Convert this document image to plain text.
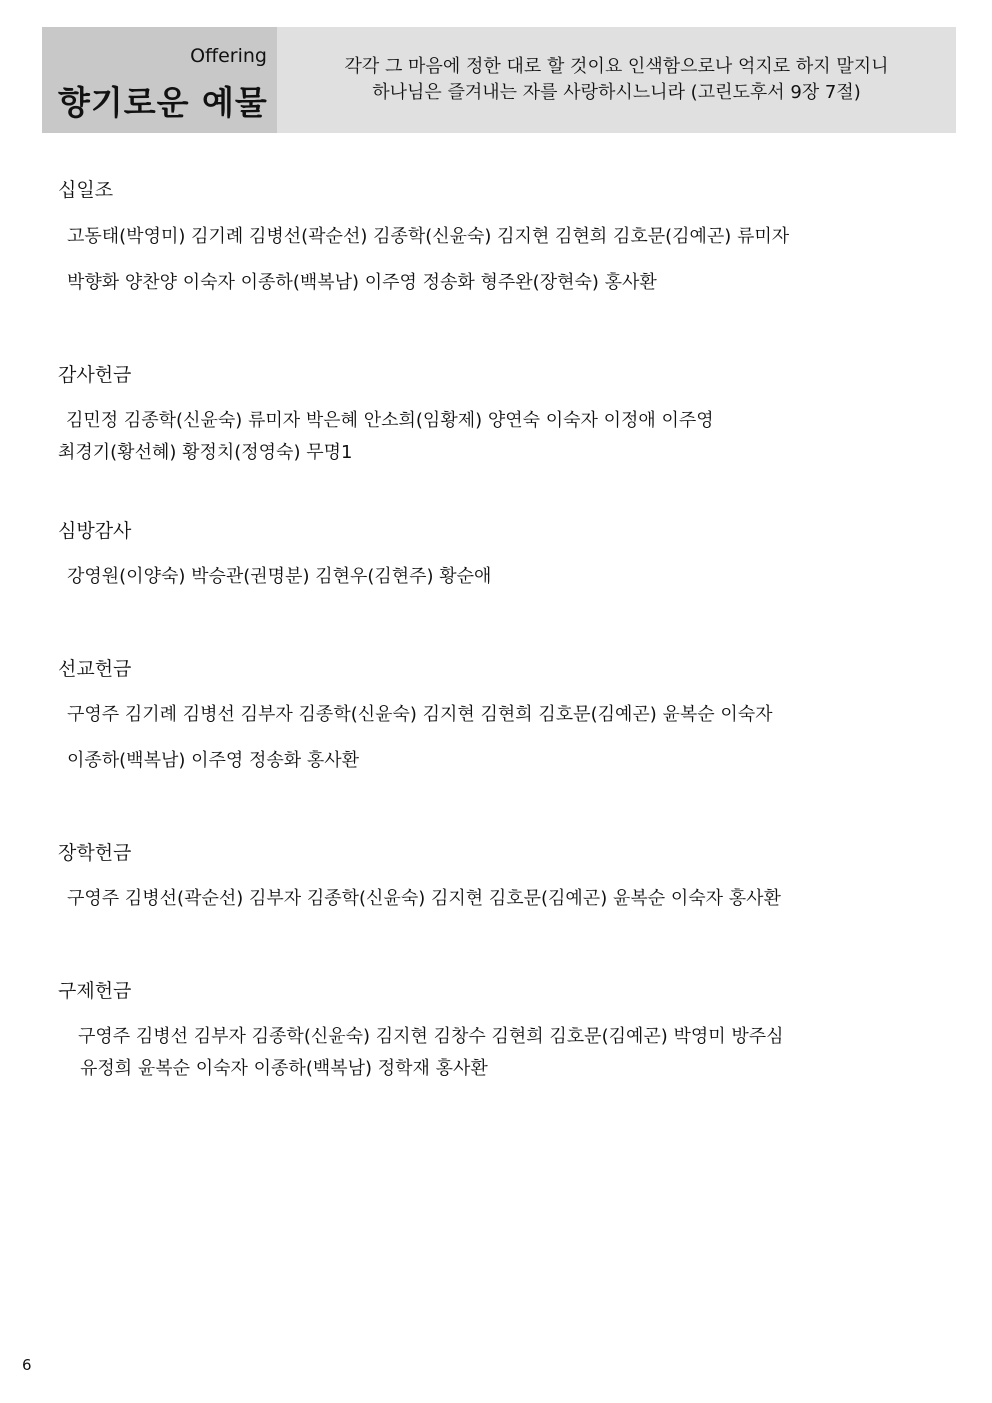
Offering
향기로운 예물
각각 그 마음에 정한 대로 할 것이요 인색함으로나 억지로 하지 말지니
하나님은 즐겨내는 자를 사랑하시느니라 (고린도후서 9장 7절)
십일조
고동태(박영미) 김기례 김병선(곽순선) 김종학(신윤숙) 김지현 김현희 김호문(김예곤) 류미자
박향화 양찬양 이숙자 이종하(백복남) 이주영 정송화 형주완(장현숙) 홍사환
감사헌금
김민정 김종학(신윤숙) 류미자 박은혜 안소희(임황제) 양연숙 이숙자 이정애 이주영
최경기(황선혜) 황정치(정영숙) 무명1
심방감사
강영원(이양숙) 박승관(권명분) 김현우(김현주) 황순애
선교헌금
구영주 김기례 김병선 김부자 김종학(신윤숙) 김지현 김현희 김호문(김예곤) 윤복순 이숙자
이종하(백복남) 이주영 정송화 홍사환
장학헌금
구영주 김병선(곽순선) 김부자 김종학(신윤숙) 김지현 김호문(김예곤) 윤복순 이숙자 홍사환
구제헌금
구영주 김병선 김부자 김종학(신윤숙) 김지현 김창수 김현희 김호문(김예곤) 박영미 방주심
유정희 윤복순 이숙자 이종하(백복남) 정학재 홍사환
6
